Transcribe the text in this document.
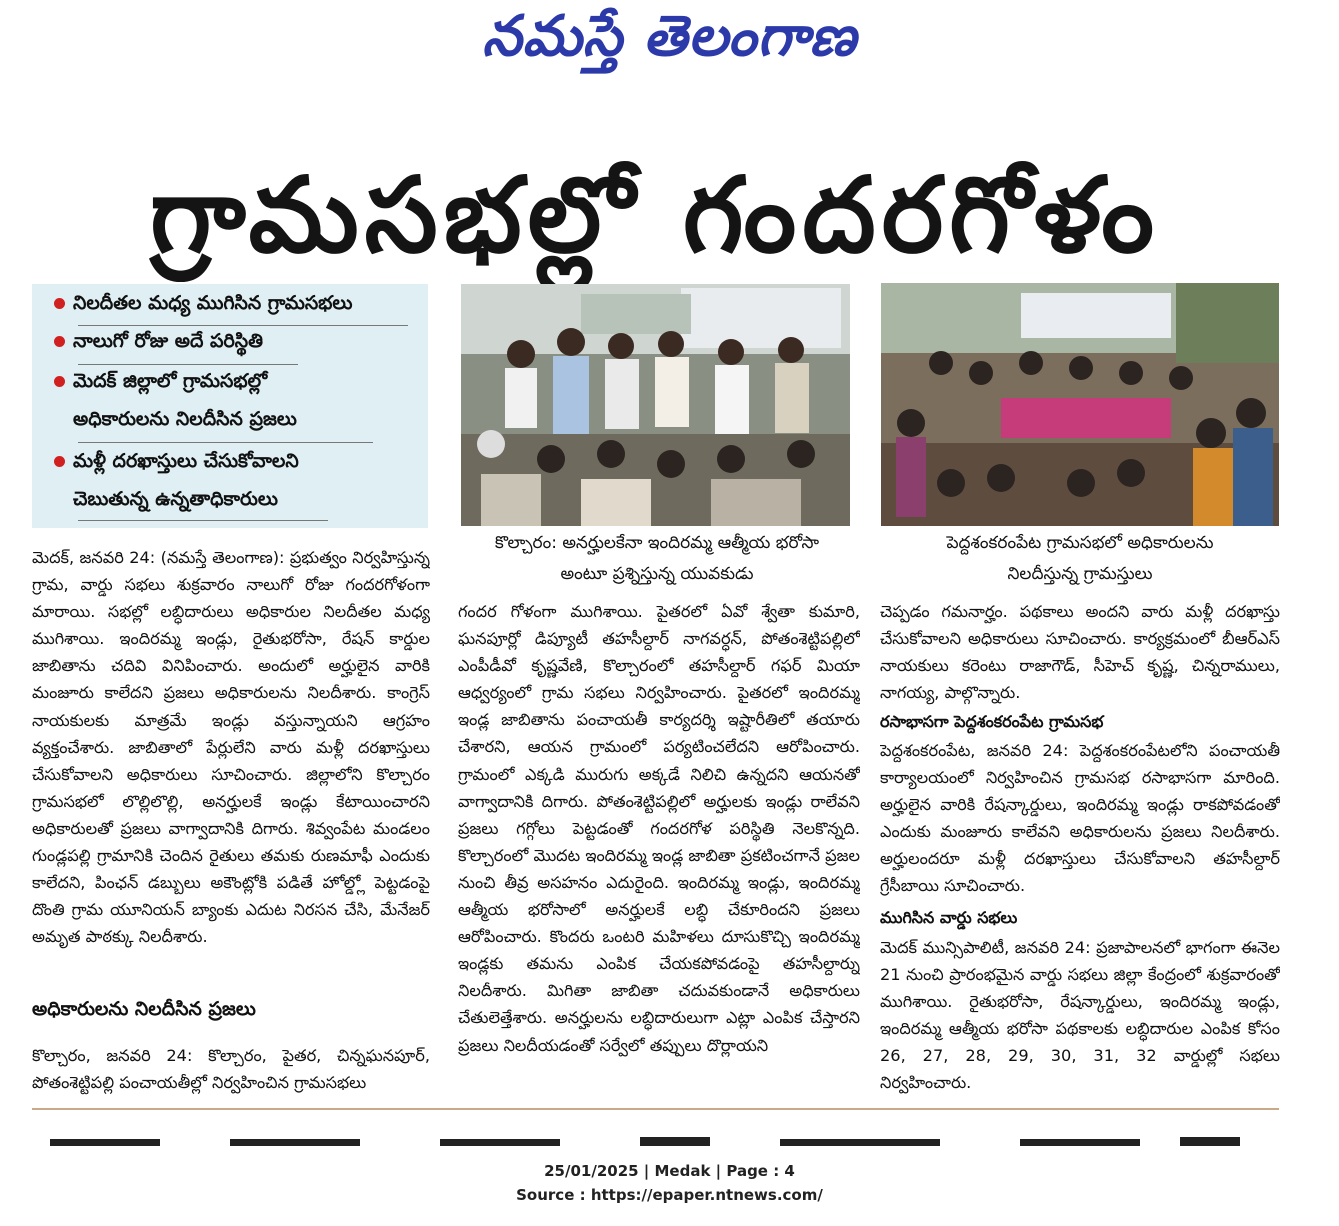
నమస్తే తెలంగాణ
గ్రామసభల్లో గందరగోళం
నిలదీతల మధ్య ముగిసిన గ్రామసభలు
నాలుగో రోజు అదే పరిస్థితి
మెదక్ జిల్లాలో గ్రామసభల్లో
అధికారులను నిలదీసిన ప్రజలు
మళ్లీ దరఖాస్తులు చేసుకోవాలని
చెబుతున్న ఉన్నతాధికారులు
కొల్చారం: అనర్హులకేనా ఇందిరమ్మ ఆత్మీయ భరోసా
అంటూ ప్రశ్నిస్తున్న యువకుడు
పెద్దశంకరంపేట గ్రామసభలో అధికారులను
నిలదీస్తున్న గ్రామస్తులు

మెదక్, జనవరి 24: (నమస్తే తెలంగాణ): ప్రభుత్వం నిర్వహిస్తున్న గ్రామ, వార్డు సభలు శుక్రవారం నాలుగో రోజు గందరగోళంగా మారాయి. సభల్లో లబ్ధిదారులు అధికారుల నిలదీతల మధ్య ముగిశాయి. ఇందిరమ్మ ఇండ్లు, రైతుభరోసా, రేషన్ కార్డుల జాబితాను చదివి వినిపించారు. అందులో అర్హులైన వారికి మంజూరు కాలేదని ప్రజలు అధికారులను నిలదీశారు. కాంగ్రెస్ నాయకులకు మాత్రమే ఇండ్లు వస్తున్నాయని ఆగ్రహం వ్యక్తంచేశారు. జాబితాలో పేర్లులేని వారు మళ్లీ దరఖాస్తులు చేసుకోవాలని అధికారులు సూచించారు. జిల్లాలోని కొల్చారం గ్రామసభలో లొల్లిలొల్లి, అనర్హులకే ఇండ్లు కేటాయించారని అధికారులతో ప్రజలు వాగ్వాదానికి దిగారు. శివ్వంపేట మండలం గుండ్లపల్లి గ్రామానికి చెందిన రైతులు తమకు రుణమాఫీ ఎందుకు కాలేదని, పింఛన్ డబ్బులు అకౌంట్లోకి పడితే హోల్డ్లో పెట్టడంపై దొంతి గ్రామ యూనియన్ బ్యాంకు ఎదుట నిరసన చేసి, మేనేజర్ అమృత పాఠక్కు నిలదీశారు.

అధికారులను నిలదీసిన ప్రజలు

కొల్చారం, జనవరి 24: కొల్చారం, పైతర, చిన్నఘనపూర్, పోతంశెట్టిపల్లి పంచాయతీల్లో నిర్వహించిన గ్రామసభలు

గందర గోళంగా ముగిశాయి. పైతరలో ఏవో శ్వేతా కుమారి, ఘనపూర్లో డిప్యూటీ తహసీల్దార్ నాగవర్ధన్, పోతంశెట్టిపల్లిలో ఎంపీడీవో కృష్ణవేణి, కొల్చారంలో తహసీల్దార్ గఫర్ మియా ఆధ్వర్యంలో గ్రామ సభలు నిర్వహించారు. పైతరలో ఇందిరమ్మ ఇండ్ల జాబితాను పంచాయతీ కార్యదర్శి ఇష్టారీతిలో తయారు చేశారని, ఆయన గ్రామంలో పర్యటించలేదని ఆరోపించారు. గ్రామంలో ఎక్కడి మురుగు అక్కడే నిలిచి ఉన్నదని ఆయనతో వాగ్వాదానికి దిగారు. పోతంశెట్టిపల్లిలో అర్హులకు ఇండ్లు రాలేవని ప్రజలు గగ్గోలు పెట్టడంతో గందరగోళ పరిస్థితి నెలకొన్నది. కొల్చారంలో మొదట ఇందిరమ్మ ఇండ్ల జాబితా ప్రకటించగానే ప్రజల నుంచి తీవ్ర అసహనం ఎదురైంది. ఇందిరమ్మ ఇండ్లు, ఇందిరమ్మ ఆత్మీయ భరోసాలో అనర్హులకే లబ్ధి చేకూరిందని ప్రజలు ఆరోపించారు. కొందరు ఒంటరి మహిళలు దూసుకొచ్చి ఇందిరమ్మ ఇండ్లకు తమను ఎంపిక చేయకపోవడంపై తహసీల్దార్ను నిలదీశారు. మిగితా జాబితా చదువకుండానే అధికారులు చేతులెత్తేశారు. అనర్హులను లబ్ధిదారులుగా ఎట్లా ఎంపిక చేస్తారని ప్రజలు నిలదీయడంతో సర్వేలో తప్పులు దొర్లాయని

చెప్పడం గమనార్హం. పథకాలు అందని వారు మళ్లీ దరఖాస్తు చేసుకోవాలని అధికారులు సూచించారు. కార్యక్రమంలో బీఆర్ఎస్ నాయకులు కరెంటు రాజాగౌడ్, సీహెచ్ కృష్ణ, చిన్నరాములు, నాగయ్య, పాల్గొన్నారు.

రసాభాసగా పెద్దశంకరంపేట గ్రామసభ

పెద్దశంకరంపేట, జనవరి 24: పెద్దశంకరంపేటలోని పంచాయతీ కార్యాలయంలో నిర్వహించిన గ్రామసభ రసాభాసగా మారింది. అర్హులైన వారికి రేషన్కార్డులు, ఇందిరమ్మ ఇండ్లు రాకపోవడంతో ఎందుకు మంజూరు కాలేవని అధికారులను ప్రజలు నిలదీశారు. అర్హులందరూ మళ్లీ దరఖాస్తులు చేసుకోవాలని తహసీల్దార్ గ్రేసీబాయి సూచించారు.

ముగిసిన వార్డు సభలు

మెదక్ మున్సిపాలిటీ, జనవరి 24: ప్రజాపాలనలో భాగంగా ఈనెల 21 నుంచి ప్రారంభమైన వార్డు సభలు జిల్లా కేంద్రంలో శుక్రవారంతో ముగిశాయి. రైతుభరోసా, రేషన్కార్డులు, ఇందిరమ్మ ఇండ్లు, ఇందిరమ్మ ఆత్మీయ భరోసా పథకాలకు లబ్ధిదారుల ఎంపిక కోసం 26, 27, 28, 29, 30, 31, 32 వార్డుల్లో సభలు నిర్వహించారు.

25/01/2025 | Medak | Page : 4
Source : https://epaper.ntnews.com/
